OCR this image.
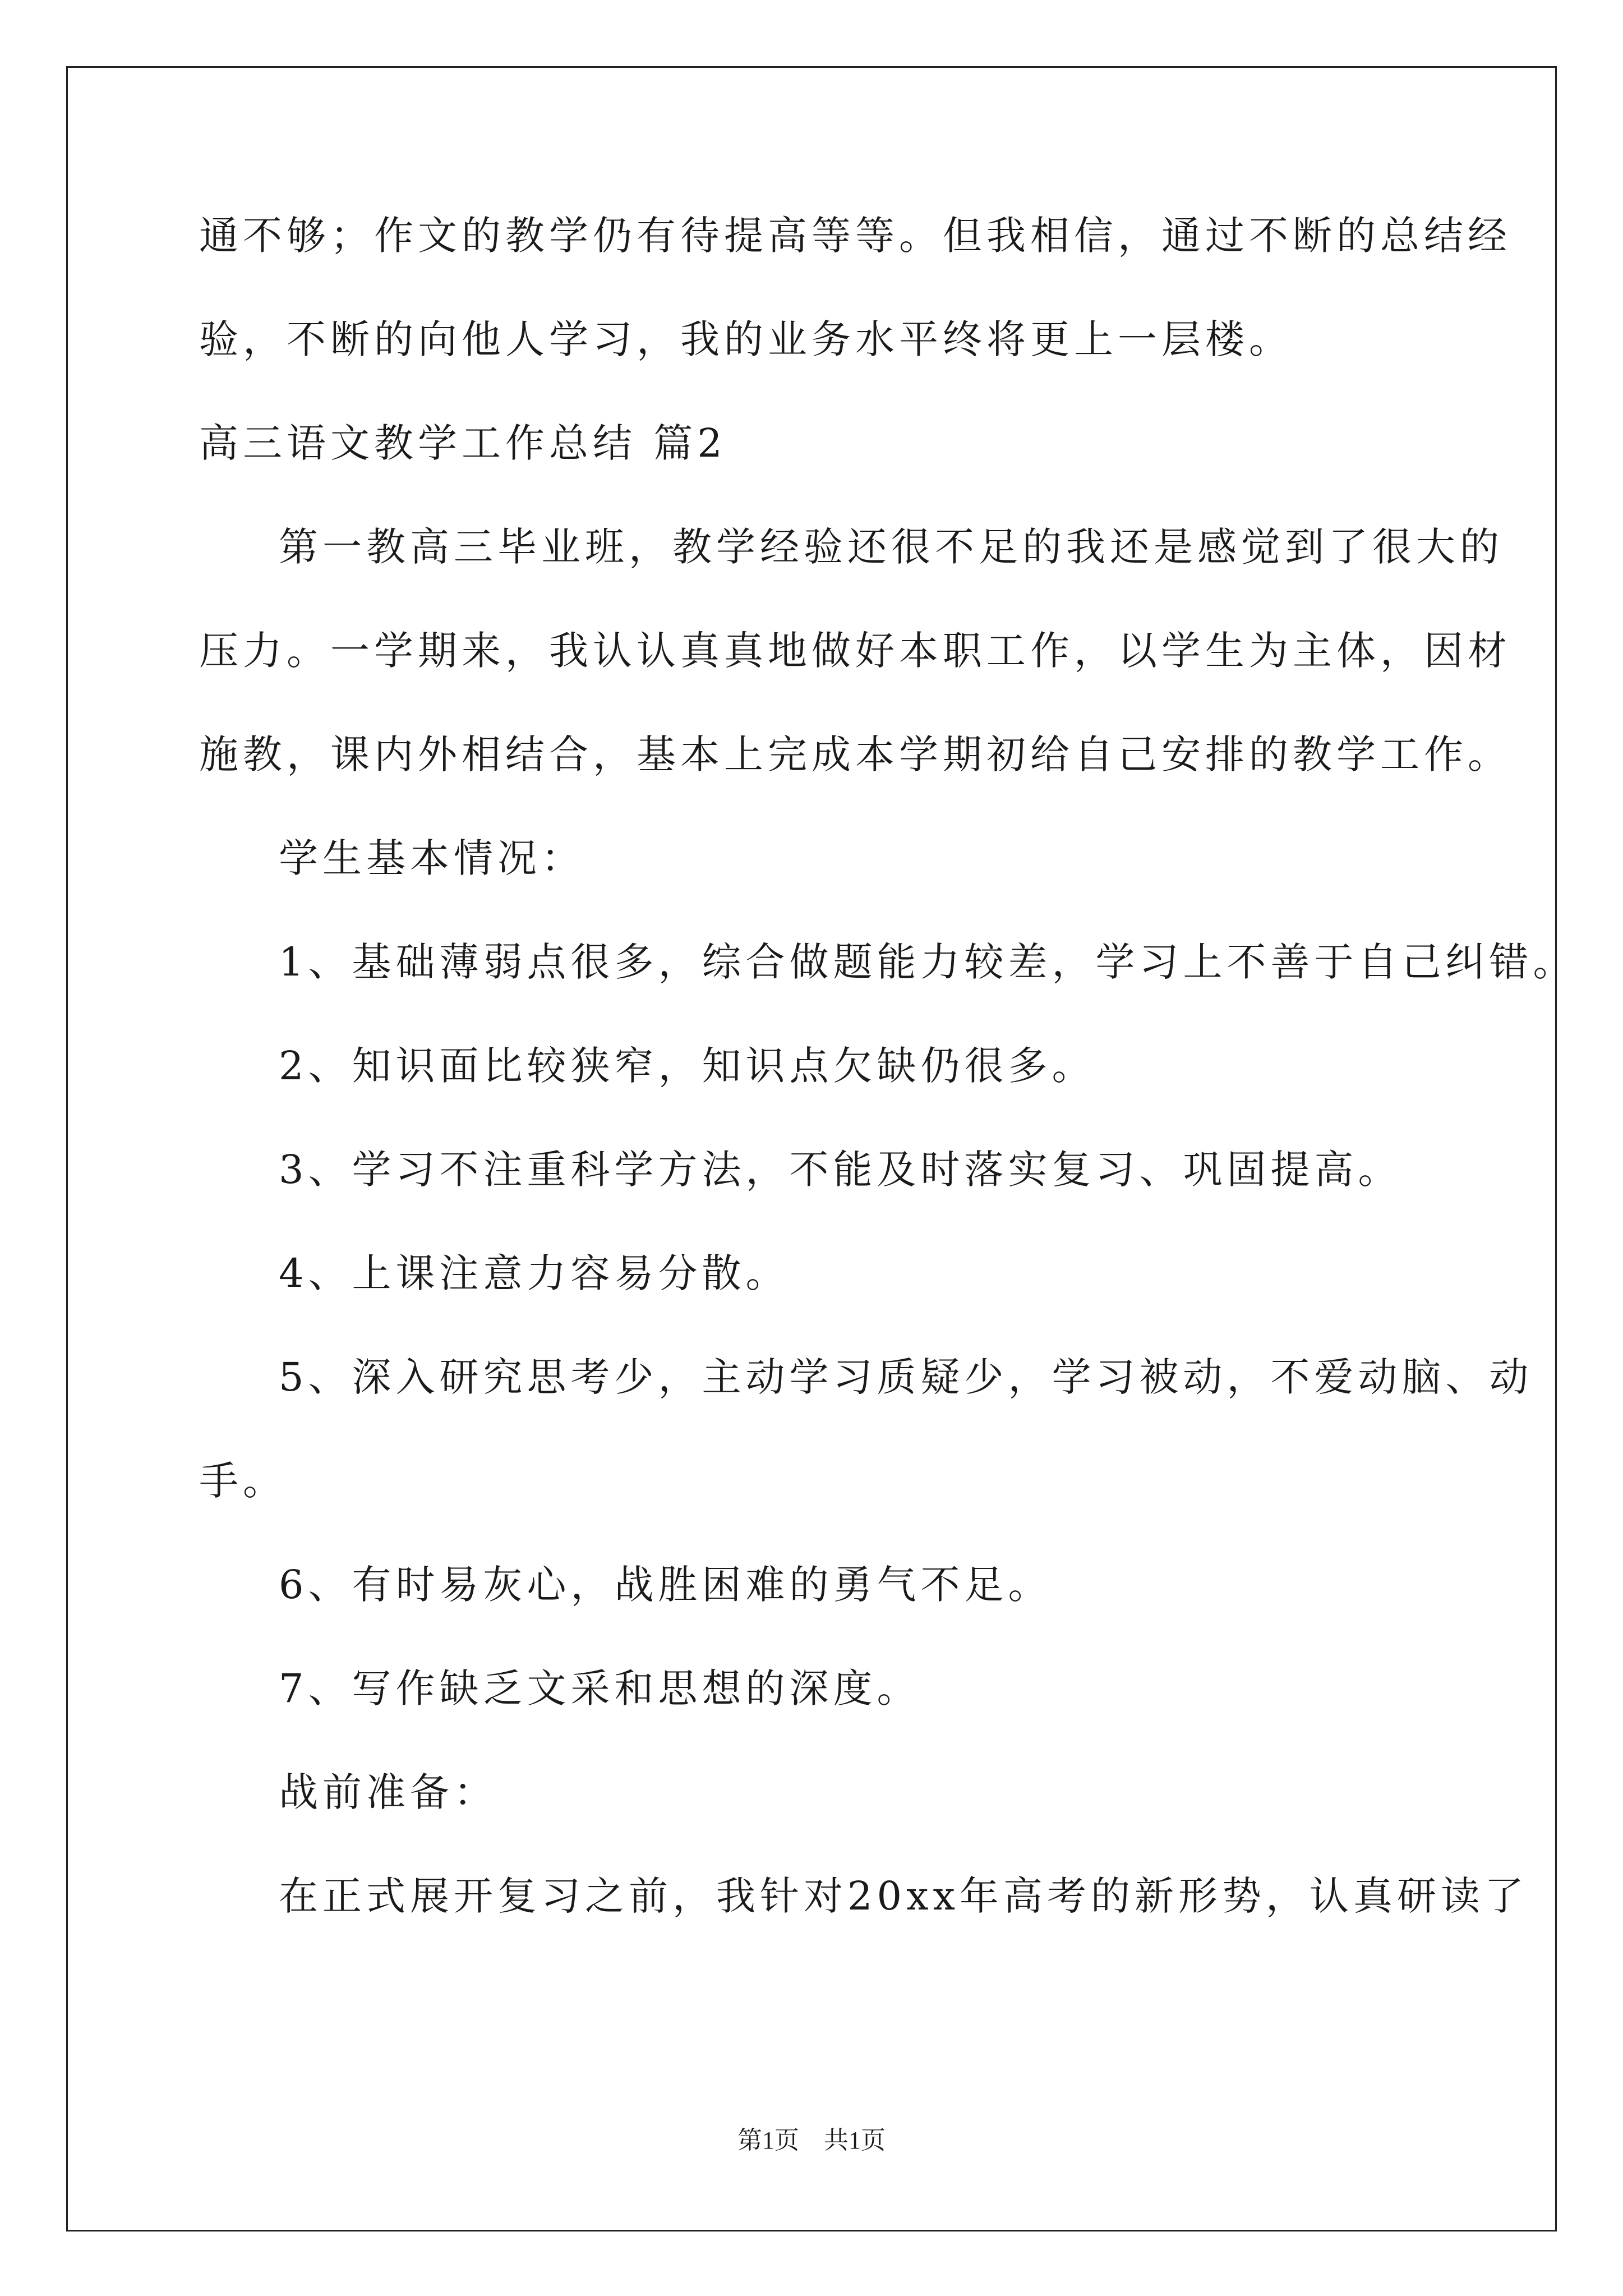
通不够；作文的教学仍有待提高等等。但我相信，通过不断的总结经
验，不断的向他人学习，我的业务水平终将更上一层楼。
高三语文教学工作总结 篇2
第一教高三毕业班，教学经验还很不足的我还是感觉到了很大的
压力。一学期来，我认认真真地做好本职工作，以学生为主体，因材
施教，课内外相结合，基本上完成本学期初给自己安排的教学工作。
学生基本情况：
1、基础薄弱点很多，综合做题能力较差，学习上不善于自己纠错。
2、知识面比较狭窄，知识点欠缺仍很多。
3、学习不注重科学方法，不能及时落实复习、巩固提高。
4、上课注意力容易分散。
5、深入研究思考少，主动学习质疑少，学习被动，不爱动脑、动
手。
6、有时易灰心，战胜困难的勇气不足。
7、写作缺乏文采和思想的深度。
战前准备：
在正式展开复习之前，我针对20xx年高考的新形势，认真研读了
第1页　共1页
